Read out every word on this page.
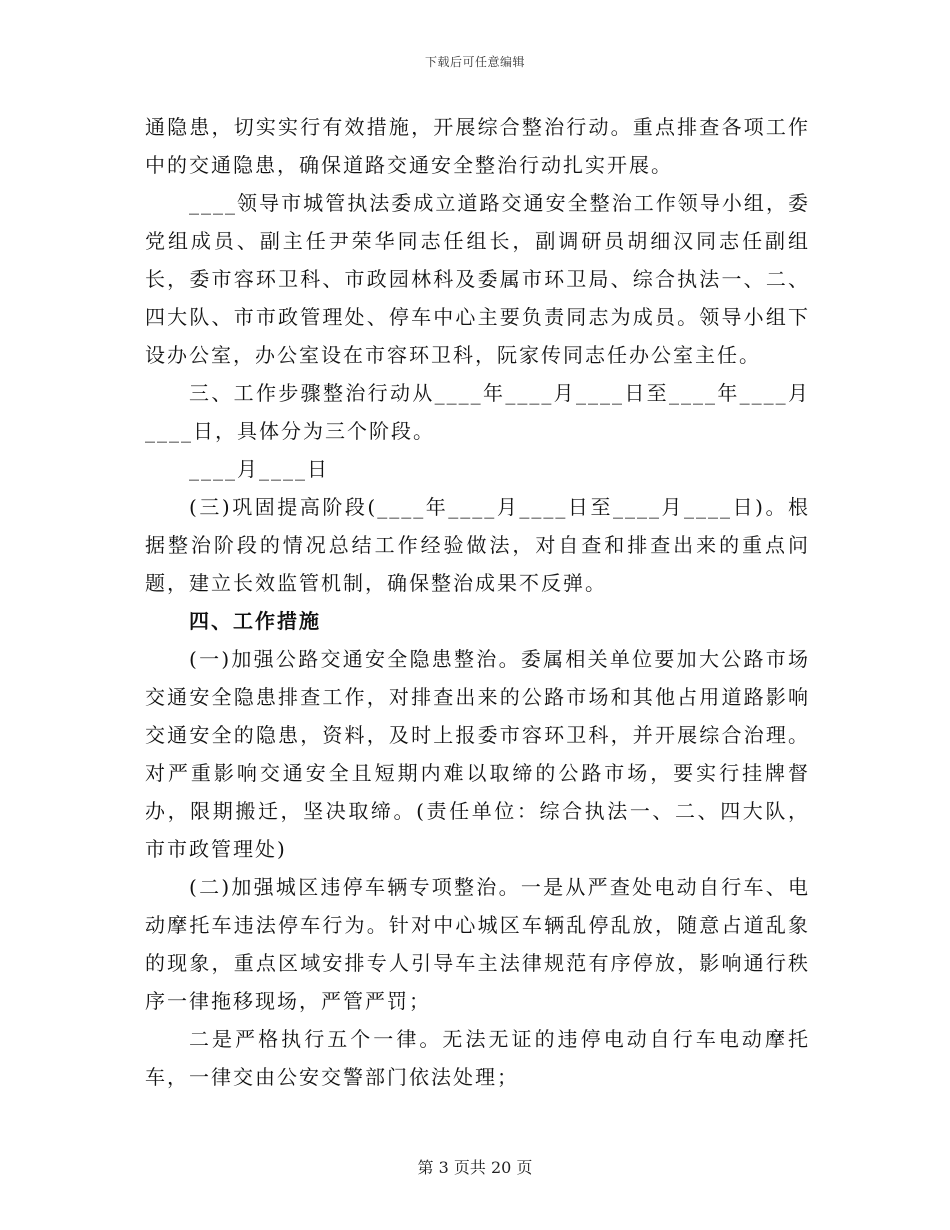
下载后可任意编辑

通隐患，切实实行有效措施，开展综合整治行动。重点排查各项工作中的交通隐患，确保道路交通安全整治行动扎实开展。

____领导市城管执法委成立道路交通安全整治工作领导小组，委党组成员、副主任尹荣华同志任组长，副调研员胡细汉同志任副组长，委市容环卫科、市政园林科及委属市环卫局、综合执法一、二、四大队、市市政管理处、停车中心主要负责同志为成员。领导小组下设办公室，办公室设在市容环卫科，阮家传同志任办公室主任。

三、工作步骤整治行动从____年____月____日至____年____月____日，具体分为三个阶段。

____月____日

(三)巩固提高阶段(____年____月____日至____月____日)。根据整治阶段的情况总结工作经验做法，对自查和排查出来的重点问题，建立长效监管机制，确保整治成果不反弹。

四、工作措施

(一)加强公路交通安全隐患整治。委属相关单位要加大公路市场交通安全隐患排查工作，对排查出来的公路市场和其他占用道路影响交通安全的隐患，资料，及时上报委市容环卫科，并开展综合治理。对严重影响交通安全且短期内难以取缔的公路市场，要实行挂牌督办，限期搬迁，坚决取缔。(责任单位：综合执法一、二、四大队，市市政管理处)

(二)加强城区违停车辆专项整治。一是从严查处电动自行车、电动摩托车违法停车行为。针对中心城区车辆乱停乱放，随意占道乱象的现象，重点区域安排专人引导车主法律规范有序停放，影响通行秩序一律拖移现场，严管严罚；

二是严格执行五个一律。无法无证的违停电动自行车电动摩托车，一律交由公安交警部门依法处理；

第 3 页共 20 页
